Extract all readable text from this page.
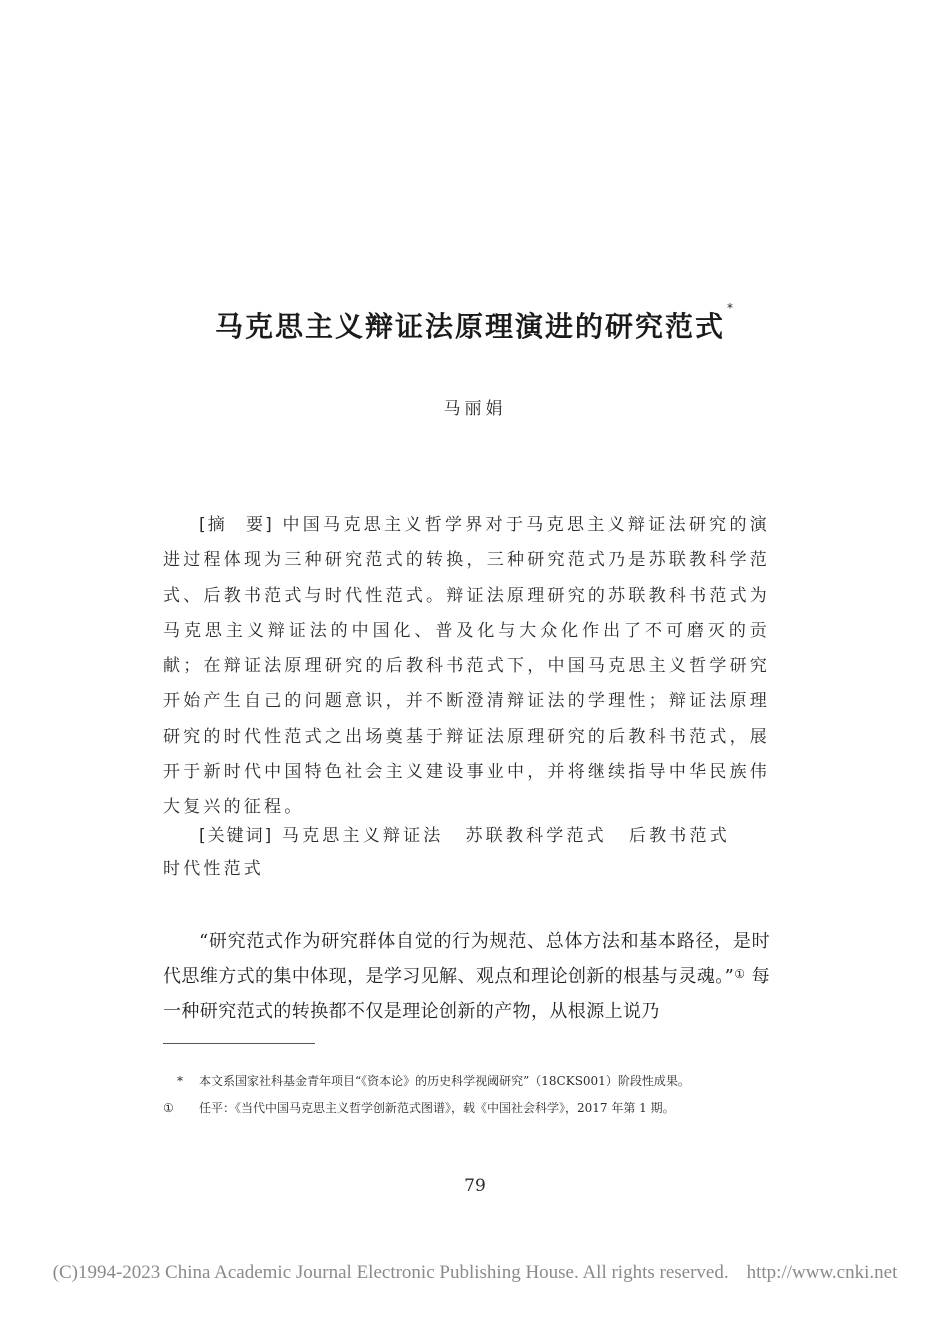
马克思主义辩证法原理演进的研究范式*
马丽娟
[摘　要] 中国马克思主义哲学界对于马克思主义辩证法研究的演进过程体现为三种研究范式的转换，三种研究范式乃是苏联教科学范式、后教书范式与时代性范式。辩证法原理研究的苏联教科书范式为马克思主义辩证法的中国化、普及化与大众化作出了不可磨灭的贡献；在辩证法原理研究的后教科书范式下，中国马克思主义哲学研究开始产生自己的问题意识，并不断澄清辩证法的学理性；辩证法原理研究的时代性范式之出场奠基于辩证法原理研究的后教科书范式，展开于新时代中国特色社会主义建设事业中，并将继续指导中华民族伟大复兴的征程。
[关键词] 马克思主义辩证法 苏联教科学范式 后教书范式时代性范式
“研究范式作为研究群体自觉的行为规范、总体方法和基本路径，是时代思维方式的集中体现，是学习见解、观点和理论创新的根基与灵魂。”① 每一种研究范式的转换都不仅是理论创新的产物，从根源上说乃
* 本文系国家社科基金青年项目“《资本论》的历史科学视阈研究”（18CKS001）阶段性成果。
① 任平：《当代中国马克思主义哲学创新范式图谱》，载《中国社会科学》，2017 年第 1 期。
79
(C)1994-2023 China Academic Journal Electronic Publishing House. All rights reserved. http://www.cnki.net
